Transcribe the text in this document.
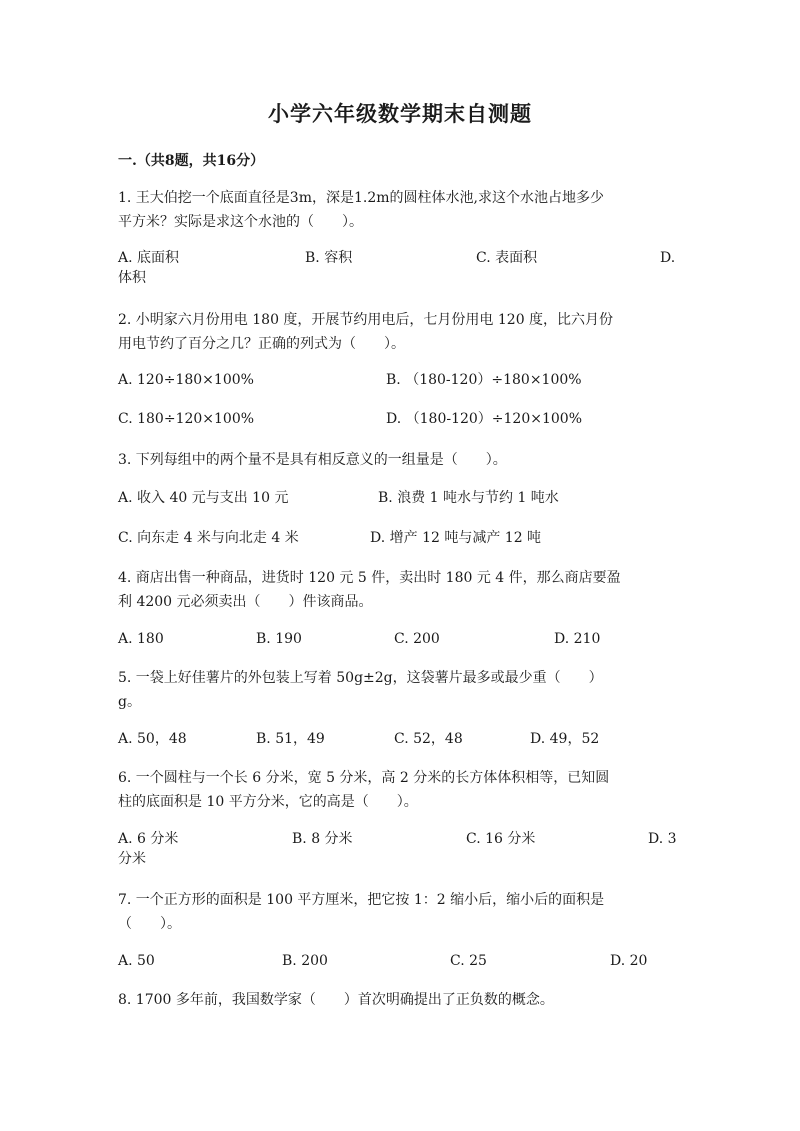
小学六年级数学期末自测题
一.（共8题，共16分）
1. 王大伯挖一个底面直径是3m，深是1.2m的圆柱体水池,求这个水池占地多少
平方米？实际是求这个水池的（　　）。
A. 底面积	B. 容积	C. 表面积	D.
体积
2. 小明家六月份用电 180 度，开展节约用电后，七月份用电 120 度，比六月份
用电节约了百分之几？正确的列式为（　　）。
A. 120÷180×100%	B. （180-120）÷180×100%
C. 180÷120×100%	D. （180-120）÷120×100%
3. 下列每组中的两个量不是具有相反意义的一组量是（　　）。
A. 收入 40 元与支出 10 元	B. 浪费 1 吨水与节约 1 吨水
C. 向东走 4 米与向北走 4 米	D. 增产 12 吨与减产 12 吨
4. 商店出售一种商品，进货时 120 元 5 件，卖出时 180 元 4 件，那么商店要盈
利 4200 元必须卖出（　　）件该商品。
A. 180	B. 190	C. 200	D. 210
5. 一袋上好佳薯片的外包装上写着 50g±2g，这袋薯片最多或最少重（　　）
g。
A. 50，48	B. 51，49	C. 52，48	D. 49，52
6. 一个圆柱与一个长 6 分米，宽 5 分米，高 2 分米的长方体体积相等，已知圆
柱的底面积是 10 平方分米，它的高是（　　）。
A. 6 分米	B. 8 分米	C. 16 分米	D. 3
分米
7. 一个正方形的面积是 100 平方厘米，把它按 1：2 缩小后，缩小后的面积是
（　　）。
A. 50	B. 200	C. 25	D. 20
8. 1700 多年前，我国数学家（　　）首次明确提出了正负数的概念。
